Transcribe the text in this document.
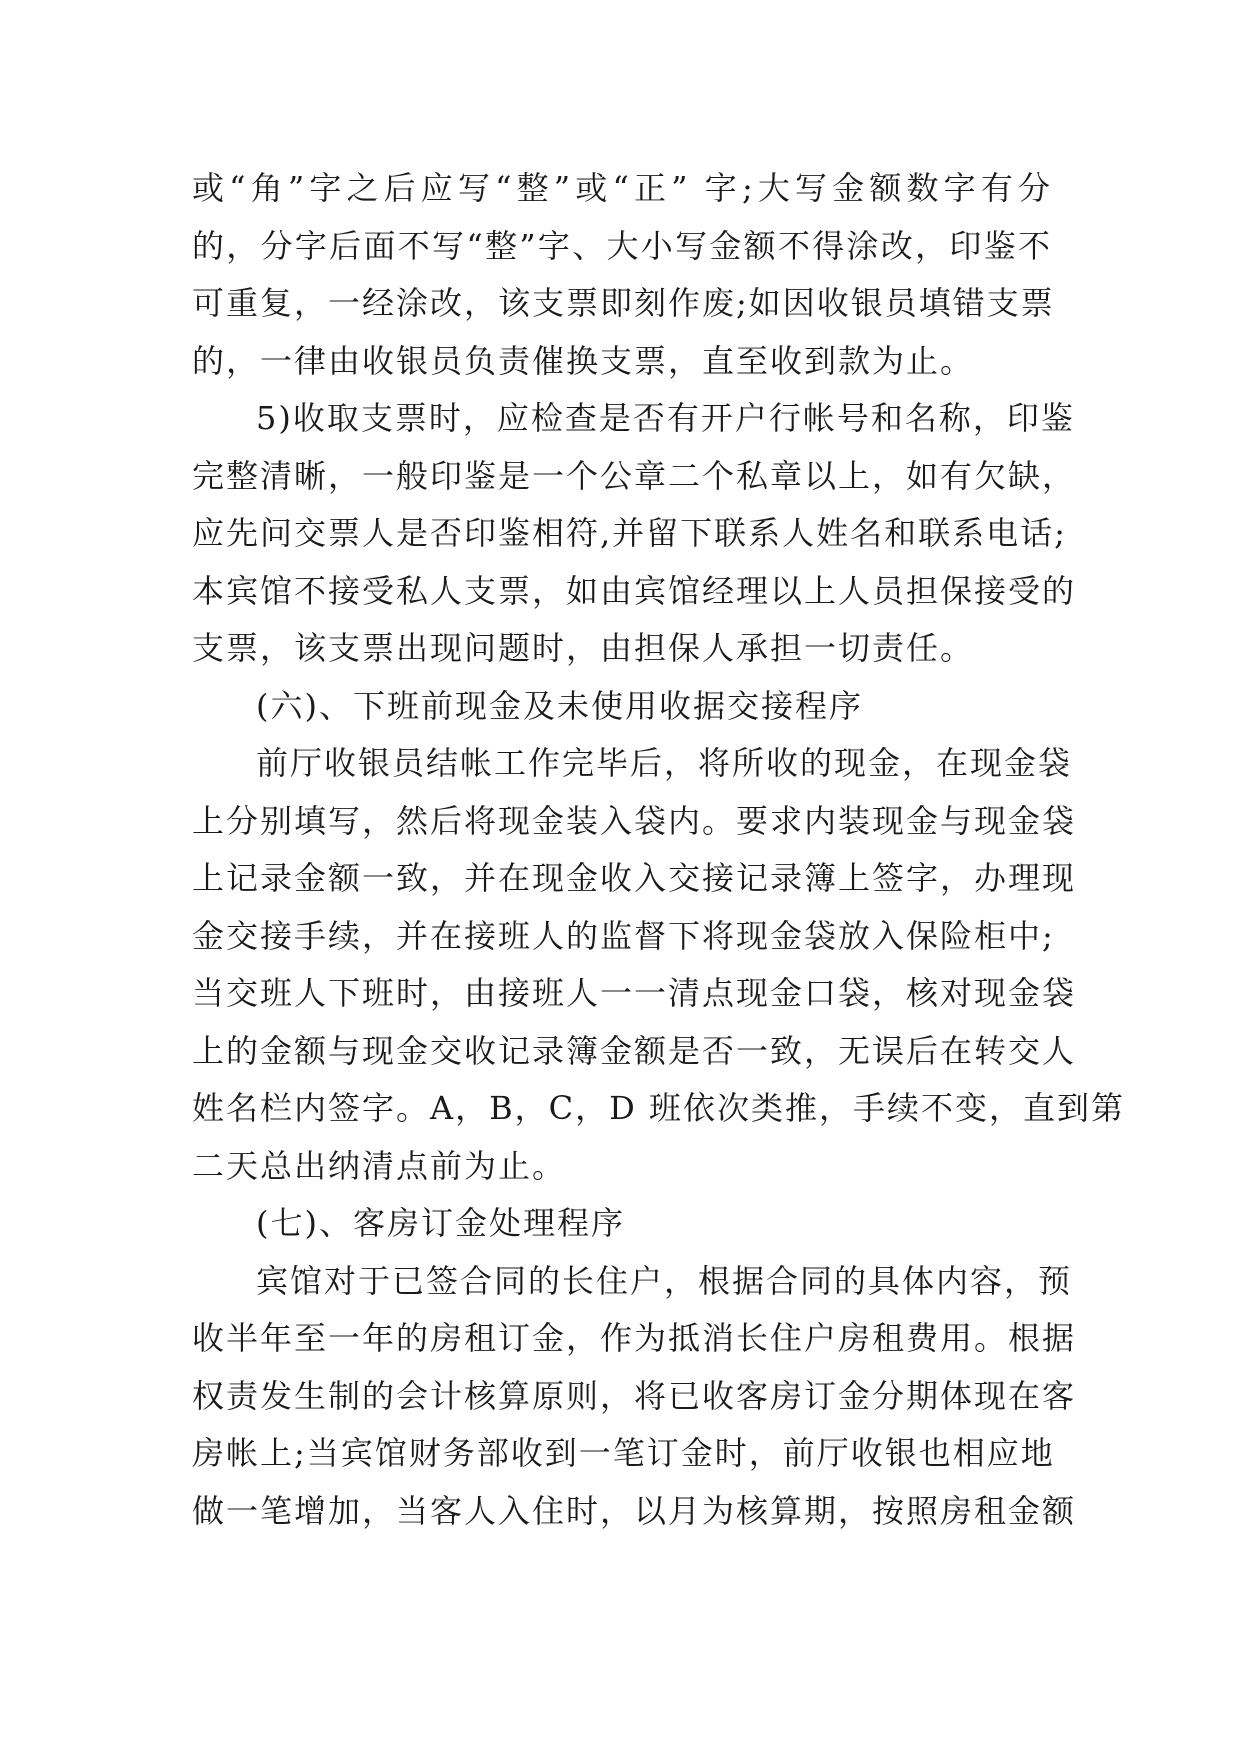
或“角”字之后应写“整”或“正” 字;大写金额数字有分
的，分字后面不写“整”字、大小写金额不得涂改，印鉴不
可重复，一经涂改，该支票即刻作废;如因收银员填错支票
的，一律由收银员负责催换支票，直至收到款为止。
5)收取支票时，应检查是否有开户行帐号和名称，印鉴
完整清晰，一般印鉴是一个公章二个私章以上，如有欠缺，
应先问交票人是否印鉴相符,并留下联系人姓名和联系电话;
本宾馆不接受私人支票，如由宾馆经理以上人员担保接受的
支票，该支票出现问题时，由担保人承担一切责任。
(六)、下班前现金及未使用收据交接程序
前厅收银员结帐工作完毕后，将所收的现金，在现金袋
上分别填写，然后将现金装入袋内。要求内装现金与现金袋
上记录金额一致，并在现金收入交接记录簿上签字，办理现
金交接手续，并在接班人的监督下将现金袋放入保险柜中;
当交班人下班时，由接班人一一清点现金口袋，核对现金袋
上的金额与现金交收记录簿金额是否一致，无误后在转交人
姓名栏内签字。A，B，C，D 班依次类推，手续不变，直到第
二天总出纳清点前为止。
(七)、客房订金处理程序
宾馆对于已签合同的长住户，根据合同的具体内容，预
收半年至一年的房租订金，作为抵消长住户房租费用。根据
权责发生制的会计核算原则，将已收客房订金分期体现在客
房帐上;当宾馆财务部收到一笔订金时，前厅收银也相应地
做一笔增加，当客人入住时，以月为核算期，按照房租金额
